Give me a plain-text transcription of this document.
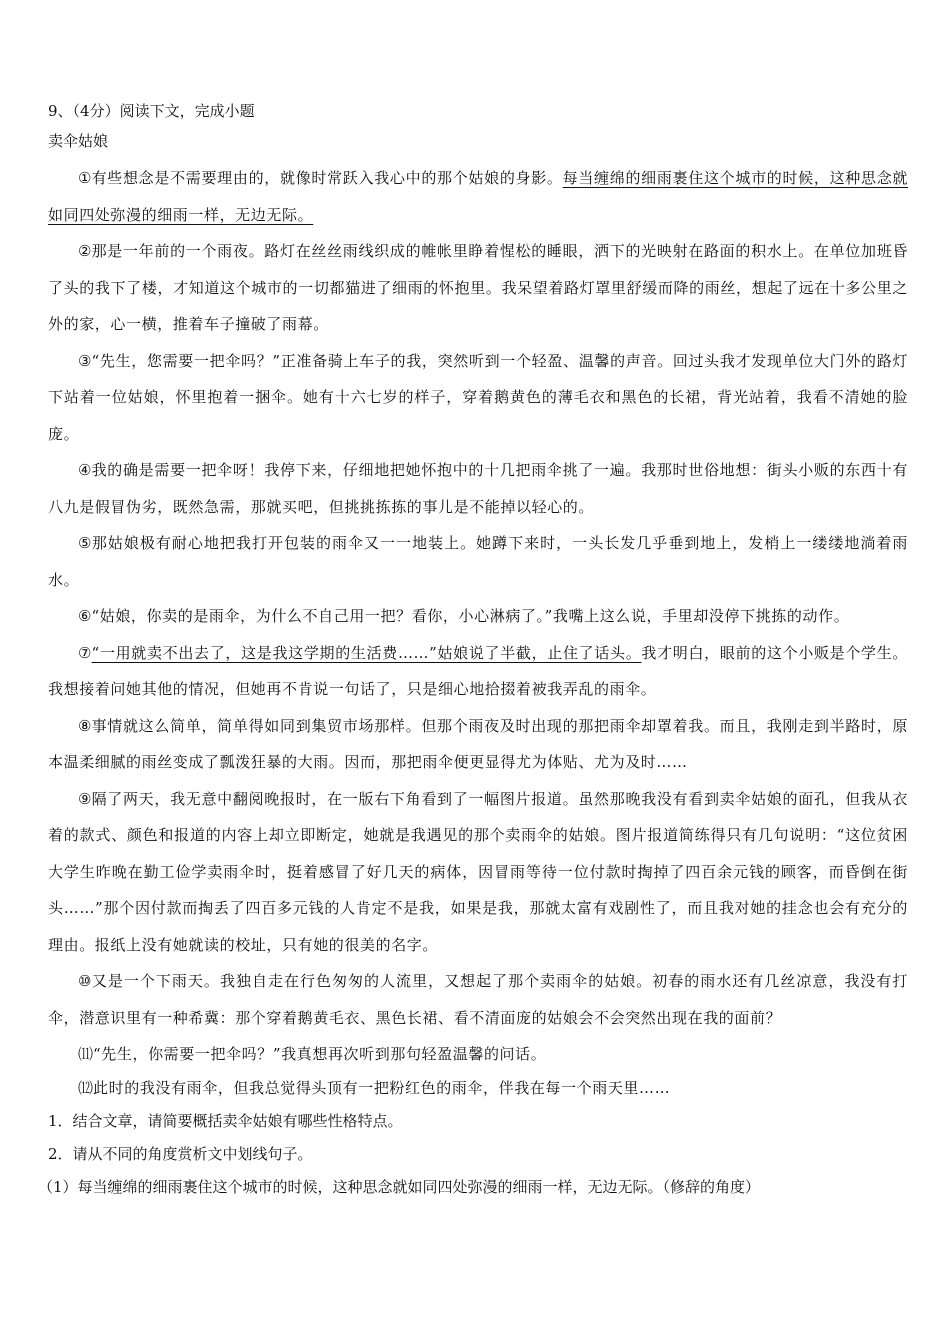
9、（4分）阅读下文，完成小题

卖伞姑娘

①有些想念是不需要理由的，就像时常跃入我心中的那个姑娘的身影。每当缠绵的细雨裹住这个城市的时候，这种思念就如同四处弥漫的细雨一样，无边无际。

②那是一年前的一个雨夜。路灯在丝丝雨线织成的帷帐里睁着惺松的睡眼，洒下的光映射在路面的积水上。在单位加班昏了头的我下了楼，才知道这个城市的一切都猫进了细雨的怀抱里。我呆望着路灯罩里舒缓而降的雨丝，想起了远在十多公里之外的家，心一横，推着车子撞破了雨幕。

③“先生，您需要一把伞吗？”正准备骑上车子的我，突然听到一个轻盈、温馨的声音。回过头我才发现单位大门外的路灯下站着一位姑娘，怀里抱着一捆伞。她有十六七岁的样子，穿着鹅黄色的薄毛衣和黑色的长裙，背光站着，我看不清她的脸庞。

④我的确是需要一把伞呀！我停下来，仔细地把她怀抱中的十几把雨伞挑了一遍。我那时世俗地想：街头小贩的东西十有八九是假冒伪劣，既然急需，那就买吧，但挑挑拣拣的事儿是不能掉以轻心的。

⑤那姑娘极有耐心地把我打开包装的雨伞又一一地装上。她蹲下来时，一头长发几乎垂到地上，发梢上一缕缕地淌着雨水。

⑥“姑娘，你卖的是雨伞，为什么不自己用一把？看你，小心淋病了。”我嘴上这么说，手里却没停下挑拣的动作。

⑦“一用就卖不出去了，这是我这学期的生活费……”姑娘说了半截，止住了话头。我才明白，眼前的这个小贩是个学生。我想接着问她其他的情况，但她再不肯说一句话了，只是细心地拾掇着被我弄乱的雨伞。

⑧事情就这么简单，简单得如同到集贸市场那样。但那个雨夜及时出现的那把雨伞却罩着我。而且，我刚走到半路时，原本温柔细腻的雨丝变成了瓢泼狂暴的大雨。因而，那把雨伞便更显得尤为体贴、尤为及时……

⑨隔了两天，我无意中翻阅晚报时，在一版右下角看到了一幅图片报道。虽然那晚我没有看到卖伞姑娘的面孔，但我从衣着的款式、颜色和报道的内容上却立即断定，她就是我遇见的那个卖雨伞的姑娘。图片报道简练得只有几句说明：“这位贫困大学生昨晚在勤工俭学卖雨伞时，挺着感冒了好几天的病体，因冒雨等待一位付款时掏掉了四百余元钱的顾客，而昏倒在街头……”那个因付款而掏丢了四百多元钱的人肯定不是我，如果是我，那就太富有戏剧性了，而且我对她的挂念也会有充分的理由。报纸上没有她就读的校址，只有她的很美的名字。

⑩又是一个下雨天。我独自走在行色匆匆的人流里，又想起了那个卖雨伞的姑娘。初春的雨水还有几丝凉意，我没有打伞，潜意识里有一种希冀：那个穿着鹅黄毛衣、黑色长裙、看不清面庞的姑娘会不会突然出现在我的面前？

⑾“先生，你需要一把伞吗？”我真想再次听到那句轻盈温馨的问话。

⑿此时的我没有雨伞，但我总觉得头顶有一把粉红色的雨伞，伴我在每一个雨天里……

1．结合文章，请简要概括卖伞姑娘有哪些性格特点。

2．请从不同的角度赏析文中划线句子。

（1）每当缠绵的细雨裹住这个城市的时候，这种思念就如同四处弥漫的细雨一样，无边无际。（修辞的角度）
